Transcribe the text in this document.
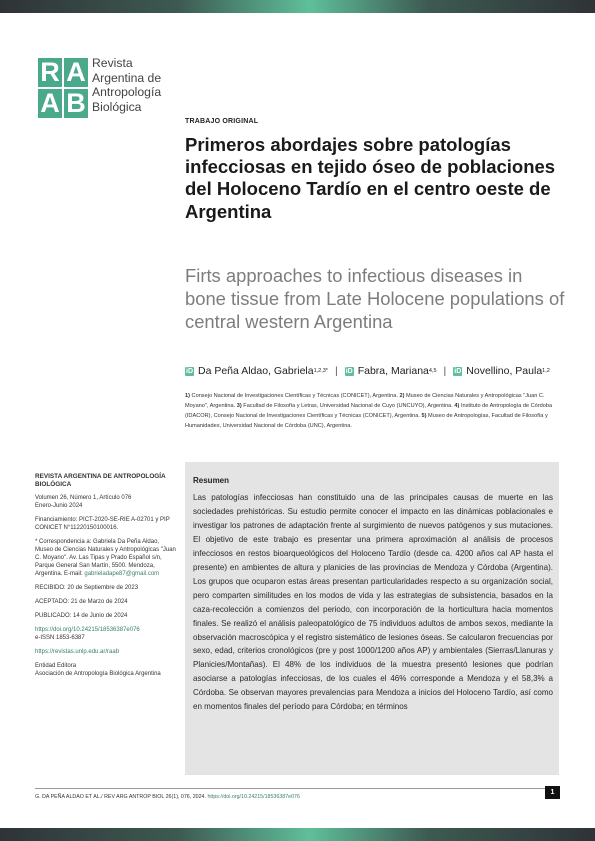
R A
A B
Revista
Argentina de
Antropología
Biológica
TRABAJO ORIGINAL
Primeros abordajes sobre patologías infecciosas en tejido óseo de poblaciones del Holoceno Tardío en el centro oeste de Argentina
Firts approaches to infectious diseases in bone tissue from Late Holocene populations of central western Argentina
iD Da Peña Aldao, Gabriela 1,2,3* | iD Fabra, Mariana 4,5 | iD Novellino, Paula 1,2
1) Consejo Nacional de Investigaciones Científicas y Técnicas (CONICET), Argentina. 2) Museo de Ciencias Naturales y Antropológicas "Juan C. Moyano", Argentina. 3) Facultad de Filosofía y Letras, Universidad Nacional de Cuyo (UNCUYO), Argentina. 4) Instituto de Antropología de Córdoba (IDACOR), Consejo Nacional de Investigaciones Científicas y Técnicas (CONICET), Argentina. 5) Museo de Antropologías, Facultad de Filosofía y Humanidades, Universidad Nacional de Córdoba (UNC), Argentina.
REVISTA ARGENTINA DE ANTROPOLOGÍA BIOLÓGICA

Volumen 26, Número 1, Artículo 076
Enero-Junio 2024

Financiamiento: PICT-2020-SE-RIE A-02701 y PIP CONICET N°11220150100016.

* Correspondencia a: Gabriela Da Peña Aldao, Museo de Ciencias Naturales y Antropológicas "Juan C. Moyano". Av. Las Tipas y Prado Español s/n, Parque General San Martín, 5500. Mendoza, Argentina. E-mail: gabrieladape87@gmail.com

RECIBIDO: 20 de Septiembre de 2023

ACEPTADO: 21 de Marzo de 2024

PUBLICADO: 14 de Junio de 2024

https://doi.org/10.24215/18536387e076
e-ISSN 1853-6387

https://revistas.unlp.edu.ar/raab

Entidad Editora
Asociación de Antropología Biológica Argentina

Resumen

Las patologías infecciosas han constituido una de las principales causas de muerte en las sociedades prehistóricas. Su estudio permite conocer el impacto en las dinámicas poblacionales e investigar los patrones de adaptación frente al surgimiento de nuevos patógenos y sus mutaciones. El objetivo de este trabajo es presentar una primera aproximación al análisis de procesos infecciosos en restos bioarqueológicos del Holoceno Tardío (desde ca. 4200 años cal AP hasta el presente) en ambientes de altura y planicies de las provincias de Mendoza y Córdoba (Argentina). Los grupos que ocuparon estas áreas presentan particularidades respecto a su organización social, pero comparten similitudes en los modos de vida y las estrategias de subsistencia, basados en la caza-recolección a comienzos del periodo, con incorporación de la horticultura hacia momentos finales. Se realizó el análisis paleopatológico de 75 individuos adultos de ambos sexos, mediante la observación macroscópica y el registro sistemático de lesiones óseas. Se calcularon frecuencias por sexo, edad, criterios cronológicos (pre y post 1000/1200 años AP) y ambientales (Sierras/Llanuras y Planicies/Montañas). El 48% de los individuos de la muestra presentó lesiones que podrían asociarse a patologías infecciosas, de los cuales el 46% corresponde a Mendoza y el 58,3% a Córdoba. Se observan mayores prevalencias para Mendoza a inicios del Holoceno Tardío, así como en momentos finales del período para Córdoba; en términos

G. DA PEÑA ALDAO ET AL./ REV ARG ANTROP BIOL 26(1), 076, 2024. https://doi.org/10.24215/18536387e076
1
